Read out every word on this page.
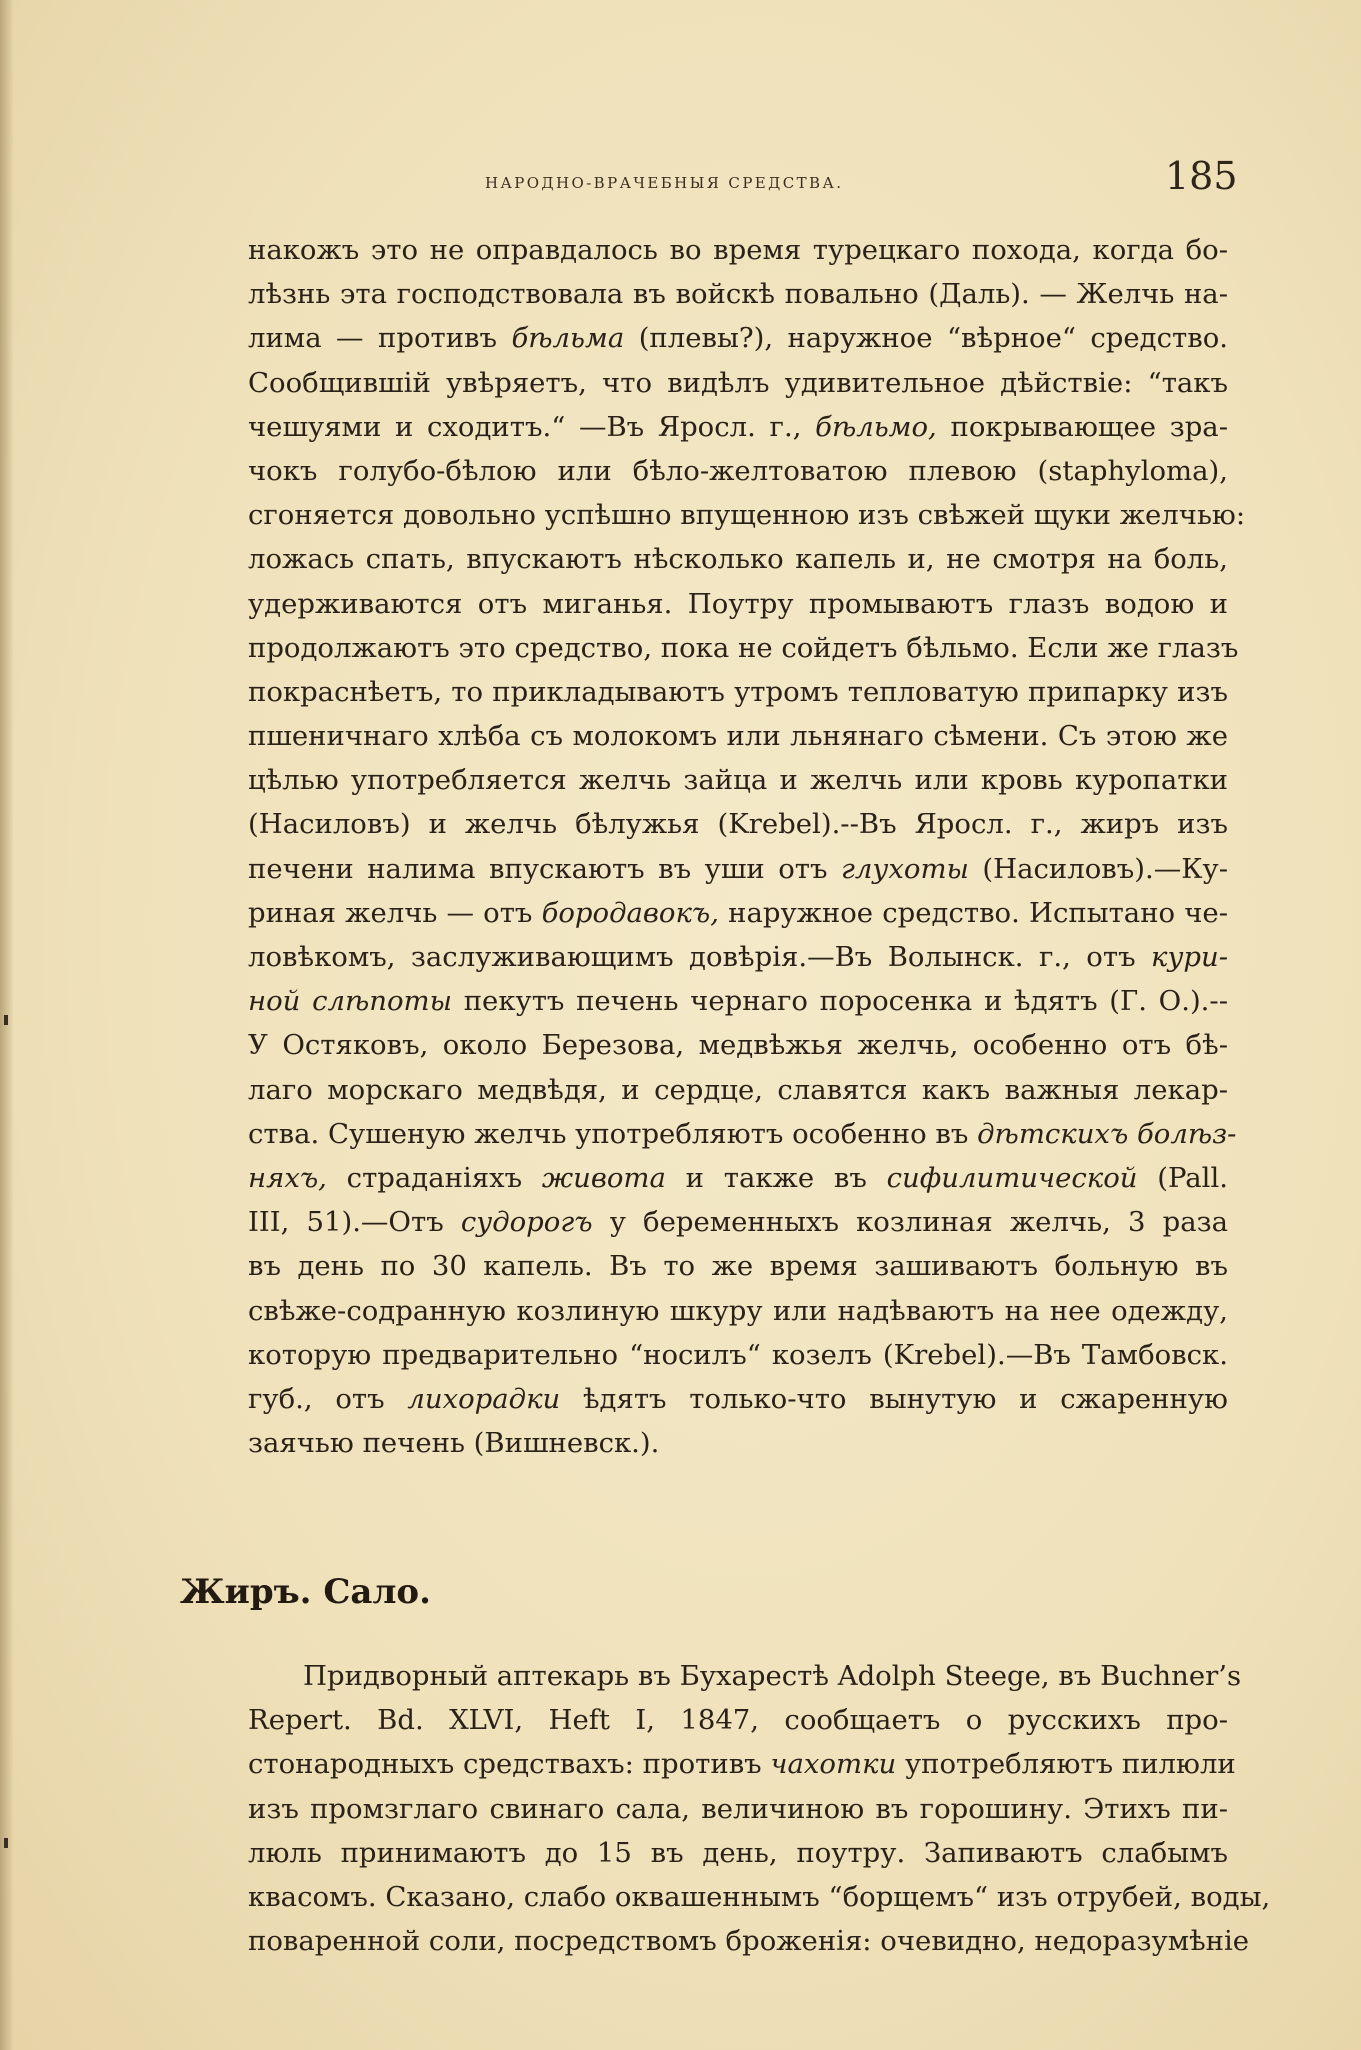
НАРОДНО-ВРАЧЕБНЫЯ СРЕДСТВА.	185
накожъ это не оправдалось во время турецкаго похода, когда бо-
лѣзнь эта господствовала въ войскѣ повально (Даль). — Желчь на-
лима — противъ бѣльма (плевы?), наружное “вѣрное“ средство.
Сообщившій увѣряетъ, что видѣлъ удивительное дѣйствіе: “такъ
чешуями и сходитъ.“ —Въ Яросл. г., бѣльмо, покрывающее зра-
чокъ голубо-бѣлою или бѣло-желтоватою плевою (staphyloma),
сгоняется довольно успѣшно впущенною изъ свѣжей щуки желчью:
ложась спать, впускаютъ нѣсколько капель и, не смотря на боль,
удерживаются отъ миганья. Поутру промываютъ глазъ водою и
продолжаютъ это средство, пока не сойдетъ бѣльмо. Если же глазъ
покраснѣетъ, то прикладываютъ утромъ тепловатую припарку изъ
пшеничнаго хлѣба съ молокомъ или льнянаго сѣмени. Съ этою же
цѣлью употребляется желчь зайца и желчь или кровь куропатки
(Насиловъ) и желчь бѣлужья (Krebel).--Въ Яросл. г., жиръ изъ
печени налима впускаютъ въ уши отъ глухоты (Насиловъ).—Ку-
риная желчь — отъ бородавокъ, наружное средство. Испытано че-
ловѣкомъ, заслуживающимъ довѣрія.—Въ Волынск. г., отъ кури-
ной слѣпоты пекутъ печень чернаго поросенка и ѣдятъ (Г. О.).--
У Остяковъ, около Березова, медвѣжья желчь, особенно отъ бѣ-
лаго морскаго медвѣдя, и сердце, славятся какъ важныя лекар-
ства. Сушеную желчь употребляютъ особенно въ дѣтскихъ болѣз-
няхъ, страданіяхъ живота и также въ сифилитической (Pall.
III, 51).—Отъ судорогъ у беременныхъ козлиная желчь, 3 раза
въ день по 30 капель. Въ то же время зашиваютъ больную въ
свѣже-содранную козлиную шкуру или надѣваютъ на нее одежду,
которую предварительно “носилъ“ козелъ (Krebel).—Въ Тамбовск.
губ., отъ лихорадки ѣдятъ только-что вынутую и сжаренную
заячью печень (Вишневск.).
Жиръ. Сало.
Придворный аптекарь въ Бухарестѣ Adolph Steege, въ Buchner’s
Repert. Bd. XLVI, Heft I, 1847, сообщаетъ о русскихъ про-
стонародныхъ средствахъ: противъ чахотки употребляютъ пилюли
изъ промзглаго свинаго сала, величиною въ горошину. Этихъ пи-
люль принимаютъ до 15 въ день, поутру. Запиваютъ слабымъ
квасомъ. Сказано, слабо оквашеннымъ “борщемъ“ изъ отрубей, воды,
поваренной соли, посредствомъ броженія: очевидно, недоразумѣніе
